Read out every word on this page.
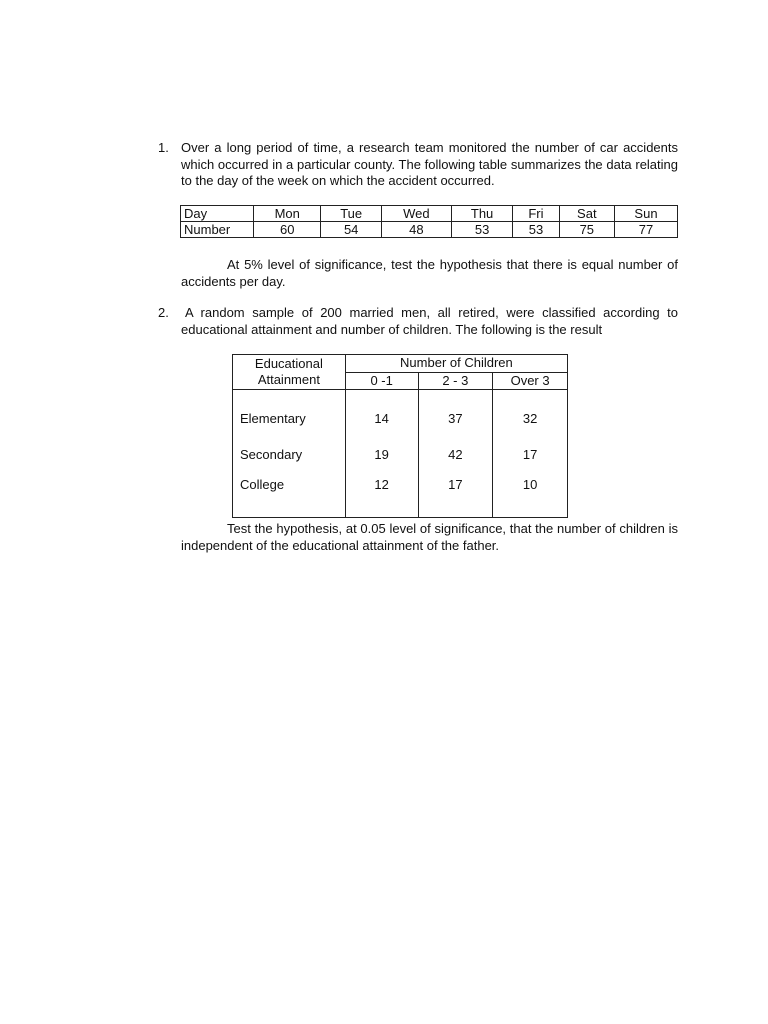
1. Over a long period of time, a research team monitored the number of car accidents which occurred in a particular county. The following table summarizes the data relating to the day of the week on which the accident occurred.
Day	Mon	Tue	Wed	Thu	Fri	Sat	Sun
Number	60	54	48	53	53	75	77
At 5% level of significance, test the hypothesis that there is equal number of accidents per day.
2.	A random sample of 200 married men, all retired, were classified according to educational attainment and number of children. The following is the result
Educational
Attainment	Number of Children		
	0 -1	2 - 3	Over 3
Elementary	14	37	32
Secondary	19	42	17
College	12	17	10
Test the hypothesis, at 0.05 level of significance, that the number of children is independent of the educational attainment of the father.
